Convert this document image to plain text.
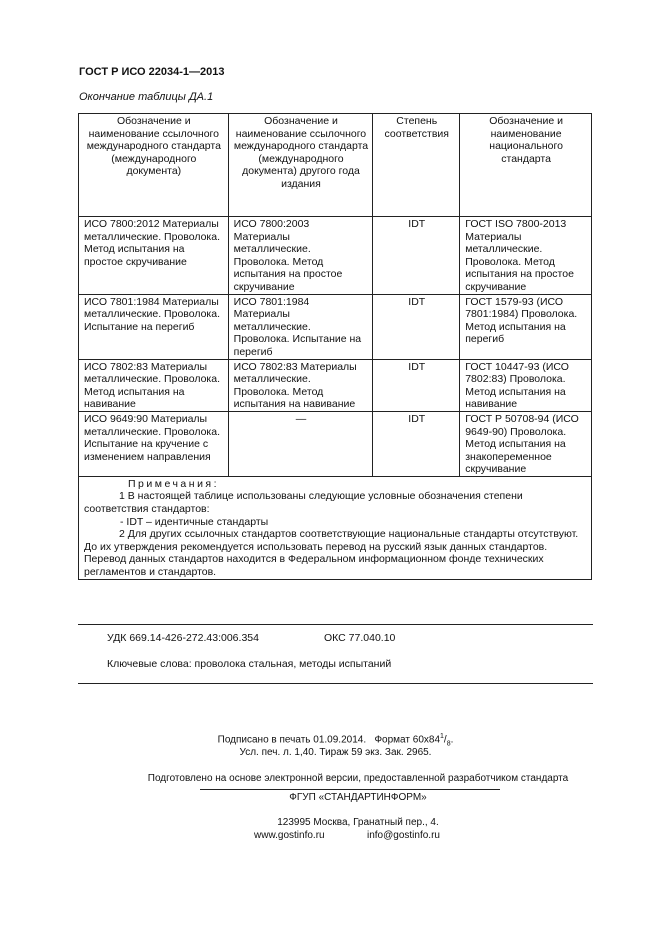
ГОСТ Р ИСО 22034-1—2013
Окончание таблицы ДА.1
Обозначение и наименование ссылочного международного стандарта (международного документа)	Обозначение и наименование ссылочного международного стандарта (международного документа) другого года издания	Степень соответствия	Обозначение и наименование национального стандарта
ИСО 7800:2012 Материалы металлические. Проволока. Метод испытания на простое скручивание	ИСО 7800:2003 Материалы металлические. Проволока. Метод испытания на простое скручивание	IDT	ГОСТ ISO 7800-2013 Материалы металлические. Проволока. Метод испытания на простое скручивание
ИСО 7801:1984 Материалы металлические. Проволока. Испытание на перегиб	ИСО 7801:1984 Материалы металлические. Проволока. Испытание на перегиб	IDT	ГОСТ 1579-93 (ИСО 7801:1984) Проволока. Метод испытания на перегиб
ИСО 7802:83 Материалы металлические. Проволока. Метод испытания на навивание	ИСО 7802:83 Материалы металлические. Проволока. Метод испытания на навивание	IDT	ГОСТ 10447-93 (ИСО 7802:83) Проволока. Метод испытания на навивание
ИСО 9649:90 Материалы металлические. Проволока. Испытание на кручение с изменением направления	—	IDT	ГОСТ Р 50708-94 (ИСО 9649-90) Проволока. Метод испытания на знакопеременное скручивание

Примечания:
1 В настоящей таблице использованы следующие условные обозначения степени соответствия стандартов:
- IDT – идентичные стандарты
2 Для других ссылочных стандартов соответствующие национальные стандарты отсутствуют. До их утверждения рекомендуется использовать перевод на русский язык данных стандартов. Перевод данных стандартов находится в Федеральном информационном фонде технических регламентов и стандартов.			
УДК 669.14-426-272.43:006.354	ОКС 77.040.10
Ключевые слова: проволока стальная, методы испытаний
Подписано в печать 01.09.2014. Формат $60x84^1/_8$.
Усл. печ. л. 1,40. Тираж 59 экз. Зак. 2965.
Подготовлено на основе электронной версии, предоставленной разработчиком стандарта
ФГУП «СТАНДАРТИНФОРМ»
123995 Москва, Гранатный пер., 4.
www.gostinfo.ru	info@gostinfo.ru
